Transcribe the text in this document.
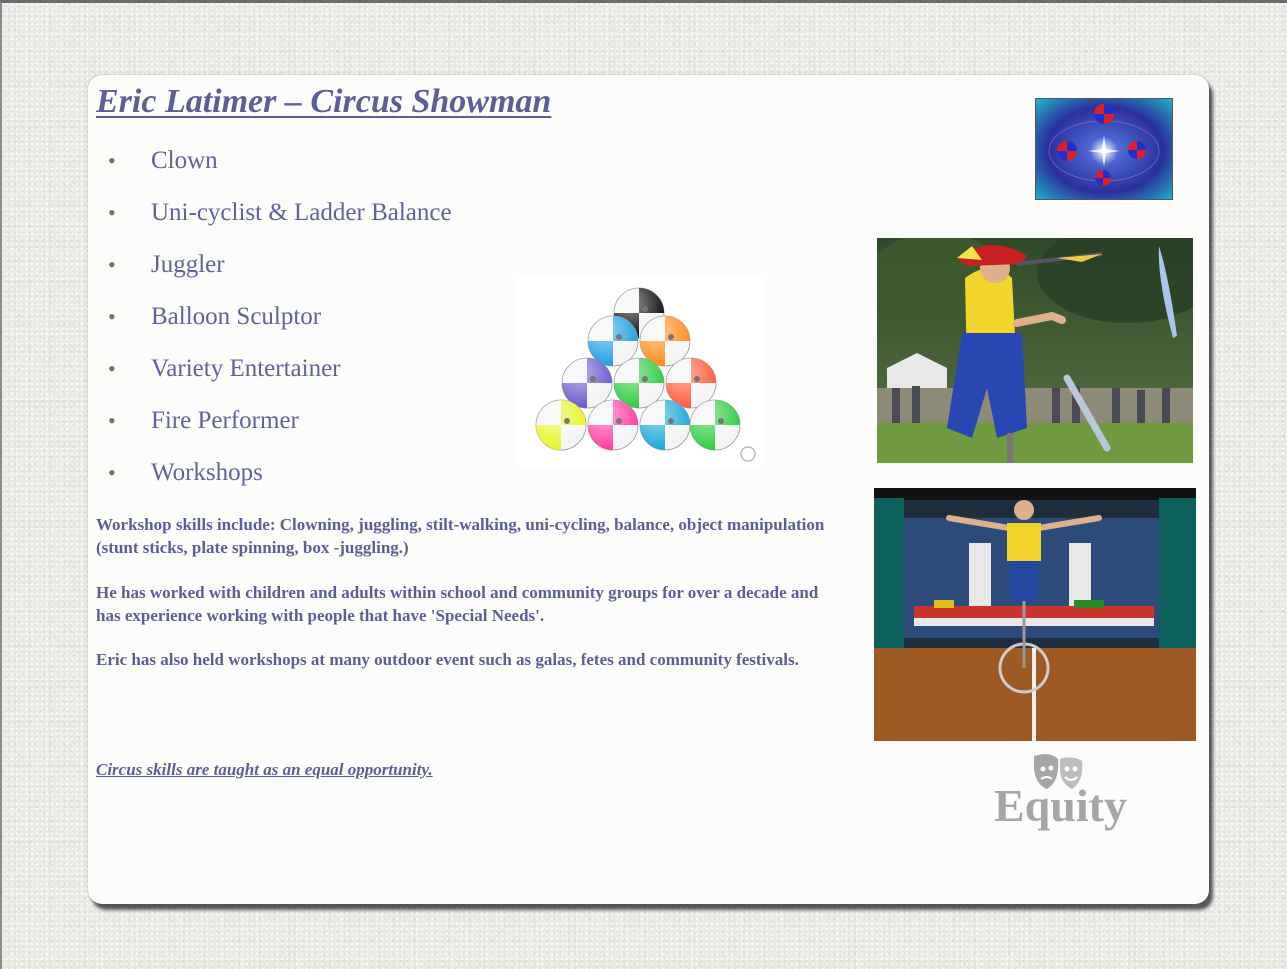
Eric Latimer – Circus Showman
• Clown
• Uni-cyclist & Ladder Balance
• Juggler
• Balloon Sculptor
• Variety Entertainer
• Fire Performer
• Workshops

Workshop skills include: Clowning, juggling, stilt-walking, uni-cycling, balance, object manipulation (stunt sticks, plate spinning, box -juggling.)

He has worked with children and adults within school and community groups for over a decade and has experience working with people that have 'Special Needs'.

Eric has also held workshops at many outdoor event such as galas, fetes and community festivals.

Circus skills are taught as an equal opportunity.

Equity
